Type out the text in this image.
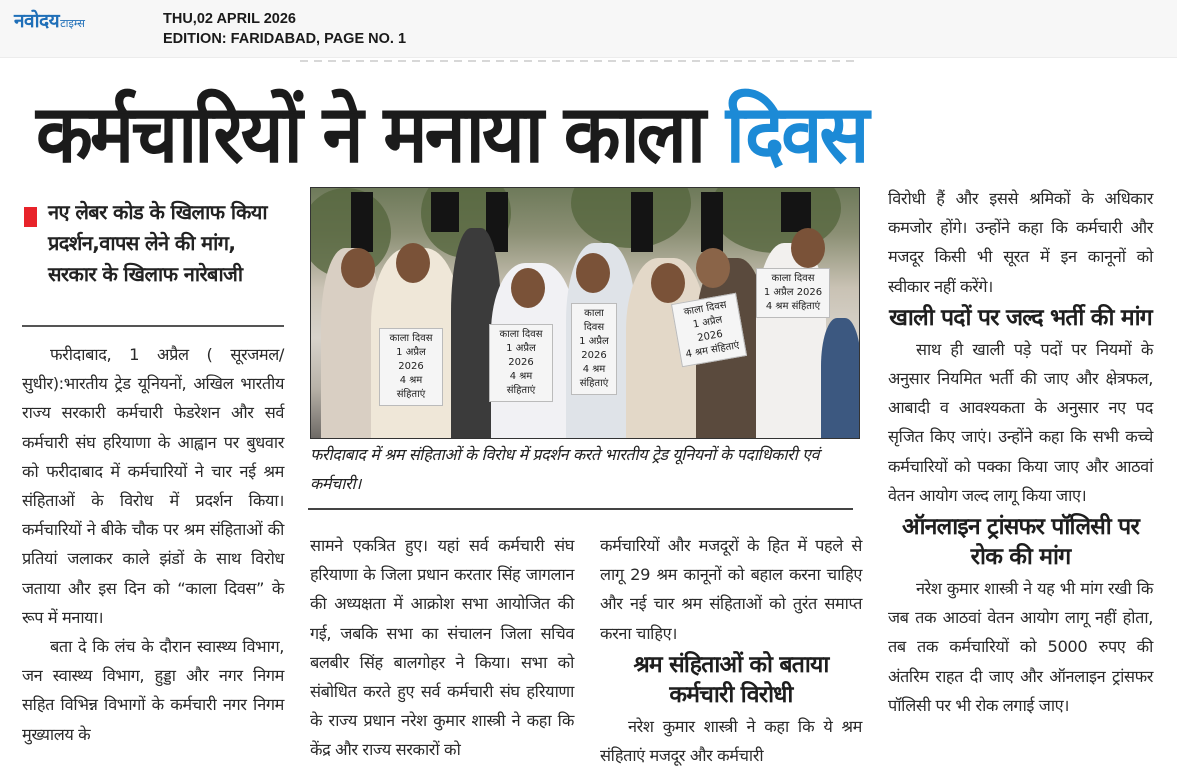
नवोदय टाइम्स	THU,02 APRIL 2026
EDITION: FARIDABAD, PAGE NO. 1
कर्मचारियों ने मनाया काला दिवस
नए लेबर कोड के खिलाफ किया प्रदर्शन,वापस लेने की मांग, सरकार के खिलाफ नारेबाजी

फरीदाबाद, 1 अप्रैल ( सूरजमल/ सुधीर):भारतीय ट्रेड यूनियनों, अखिल भारतीय राज्य सरकारी कर्मचारी फेडरेशन और सर्व कर्मचारी संघ हरियाणा के आह्वान पर बुधवार को फरीदाबाद में कर्मचारियों ने चार नई श्रम संहिताओं के विरोध में प्रदर्शन किया। कर्मचारियों ने बीके चौक पर श्रम संहिताओं की प्रतियां जलाकर काले झंडों के साथ विरोध जताया और इस दिन को “काला दिवस” के रूप में मनाया।

बता दे कि लंच के दौरान स्वास्थ्य विभाग, जन स्वास्थ्य विभाग, हुड्डा और नगर निगम सहित विभिन्न विभागों के कर्मचारी नगर निगम मुख्यालय के

काला दिवस
1 अप्रैल 2026
4 श्रम संहिताएं
काला दिवस
1 अप्रैल 2026
4 श्रम संहिताएं
काला दिवस
1 अप्रैल 2026
4 श्रम संहिताएं
काला दिवस
1 अप्रैल 2026
4 श्रम संहिताएं
काला दिवस
1 अप्रैल 2026
4 श्रम संहिताएं
फरीदाबाद में श्रम संहिताओं के विरोध में प्रदर्शन करते भारतीय ट्रेड यूनियनों के पदाधिकारी एवं कर्मचारी।

सामने एकत्रित हुए। यहां सर्व कर्मचारी संघ हरियाणा के जिला प्रधान करतार सिंह जागलान की अध्यक्षता में आक्रोश सभा आयोजित की गई, जबकि सभा का संचालन जिला सचिव बलबीर सिंह बालगोहर ने किया। सभा को संबोधित करते हुए सर्व कर्मचारी संघ हरियाणा के राज्य प्रधान नरेश कुमार शास्त्री ने कहा कि केंद्र और राज्य सरकारों को

कर्मचारियों और मजदूरों के हित में पहले से लागू 29 श्रम कानूनों को बहाल करना चाहिए और नई चार श्रम संहिताओं को तुरंत समाप्त करना चाहिए।

श्रम संहिताओं को बताया कर्मचारी विरोधी

नरेश कुमार शास्त्री ने कहा कि ये श्रम संहिताएं मजदूर और कर्मचारी

विरोधी हैं और इससे श्रमिकों के अधिकार कमजोर होंगे। उन्होंने कहा कि कर्मचारी और मजदूर किसी भी सूरत में इन कानूनों को स्वीकार नहीं करेंगे।

खाली पदों पर जल्द भर्ती की मांग

साथ ही खाली पड़े पदों पर नियमों के अनुसार नियमित भर्ती की जाए और क्षेत्रफल, आबादी व आवश्यकता के अनुसार नए पद सृजित किए जाएं। उन्होंने कहा कि सभी कच्चे कर्मचारियों को पक्का किया जाए और आठवां वेतन आयोग जल्द लागू किया जाए।

ऑनलाइन ट्रांसफर पॉलिसी पर रोक की मांग

नरेश कुमार शास्त्री ने यह भी मांग रखी कि जब तक आठवां वेतन आयोग लागू नहीं होता, तब तक कर्मचारियों को 5000 रुपए की अंतरिम राहत दी जाए और ऑनलाइन ट्रांसफर पॉलिसी पर भी रोक लगाई जाए।
